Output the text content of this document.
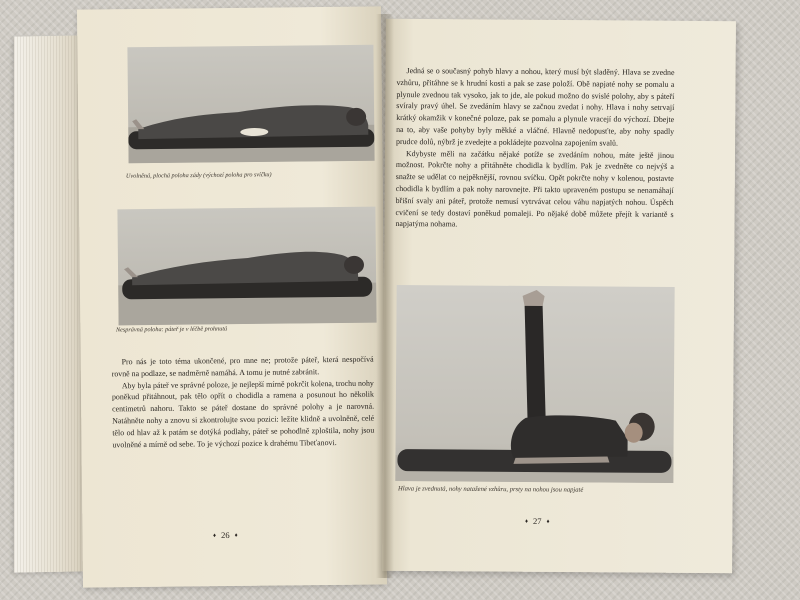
Uvolněná, plochá poloha zády (výchozí poloha pro svíčku)
Nesprávná poloha: páteř je v léčbě prohnutá
Hlava je zvednutá, nohy natažené vzhůru, prsty na nohou jsou napjaté

Pro nás je toto téma ukončené, pro mne ne; protože páteř, která nespočívá rovně na podlaze, se nadměrně namáhá. A tomu je nutné zabránit.

Aby byla páteř ve správné poloze, je nejlepší mírně pokrčit kolena, trochu nohy poněkud přitáhnout, pak tělo opřít o chodidla a ramena a posunout ho několik centimetrů nahoru. Takto se páteř dostane do správné polohy a je narovná. Natáhněte nohy a znovu si zkontrolujte svou pozici: ležíte klidně a uvolněně, celé tělo od hlav až k patám se dotýká podlahy, páteř se pohodlně zploštila, nohy jsou uvolněné a mírně od sebe. To je výchozí pozice k drahému Tibeťanovi.

Jedná se o současný pohyb hlavy a nohou, který musí být sladěný. Hlava se zvedne vzhůru, přitáhne se k hrudní kosti a pak se zase položí. Obě napjaté nohy se pomalu a plynule zvednou tak vysoko, jak to jde, ale pokud možno do svislé polohy, aby s páteří svíraly pravý úhel. Se zvedáním hlavy se začnou zvedat i nohy. Hlava i nohy setrvají krátký okamžik v konečné poloze, pak se pomalu a plynule vracejí do výchozí. Dbejte na to, aby vaše pohyby byly měkké a vláčné. Hlavně nedopusťte, aby nohy spadly prudce dolů, nýbrž je zvedejte a pokládejte pozvolna zapojením svalů.

Kdybyste měli na začátku nějaké potíže se zvedáním nohou, máte ještě jinou možnost. Pokrčte nohy a přitáhněte chodidla k bydlím. Pak je zvedněte co nejvýš a snažte se udělat co nejpěknější, rovnou svíčku. Opět pokrčte nohy v kolenou, postavte chodidla k bydlím a pak nohy narovnejte. Při takto upraveném postupu se nenamáhají břišní svaly ani páteř, protože nemusí vytrvávat celou váhu napjatých nohou. Úspěch cvičení se tedy dostaví poněkud pomaleji. Po nějaké době můžete přejít k variantě s napjatýma nohama.

♦ 26 ♦
♦ 27 ♦
